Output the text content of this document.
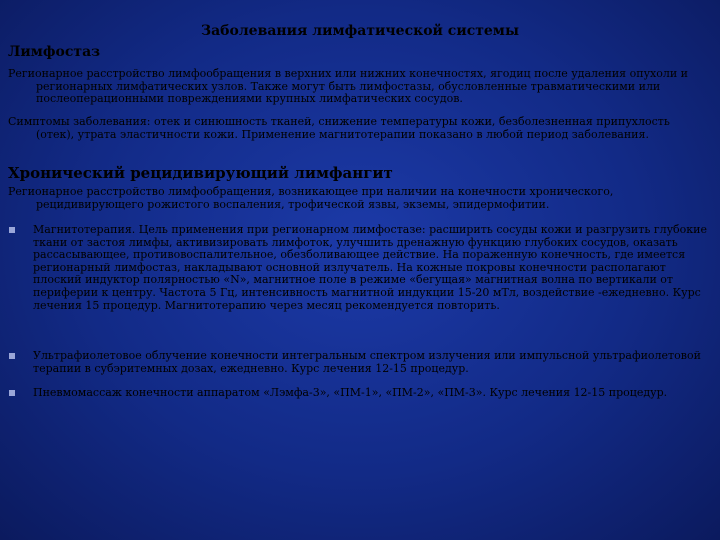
Заболевания лимфатической системы
Лимфостаз
Регионарное расстройство лимфообращения в верхних или нижних конечностях, ягодиц после удаления опухоли и регионарных лимфатических узлов. Также могут быть лимфостазы, обусловленные травматическими или послеоперационными повреждениями крупных лимфатических сосудов.
Симптомы заболевания: отек и синюшность тканей, снижение температуры кожи, безболезненная припухлость (отек), утрата эластичности кожи. Применение магнитотерапии показано в любой период заболевания.
Хронический рецидивирующий лимфангит
Регионарное расстройство лимфообращения, возникающее при наличии на конечности хронического, рецидивирующего рожистого воспаления, трофической язвы, экземы, эпидермофитии.
Магнитотерапия. Цель применения при регионарном лимфостазе: расширить сосуды кожи и разгрузить глубокие ткани от застоя лимфы, активизировать лимфоток, улучшить дренажную функцию глубоких сосудов, оказать рассасывающее, противовоспалительное, обезболивающее действие. На пораженную конечность, где имеется регионарный лимфостаз, накладывают основной излучатель. На кожные покровы конечности располагают плоский индуктор полярностью «N», магнитное поле в режиме «бегущая» магнитная волна по вертикали от периферии к центру. Частота 5 Гц, интенсивность магнитной индукции 15-20 мТл, воздействие -ежедневно. Курс лечения 15 процедур. Магнитотерапию через месяц рекомендуется повторить.
Ультрафиолетовое облучение конечности интегральным спектром излучения или импульсной ультрафиолетовой терапии в субэритемных дозах, ежедневно. Курс лечения 12-15 процедур.
Пневмомассаж конечности аппаратом «Лэмфа-3», «ПМ-1», «ПМ-2», «ПМ-3». Курс лечения 12-15 процедур.
